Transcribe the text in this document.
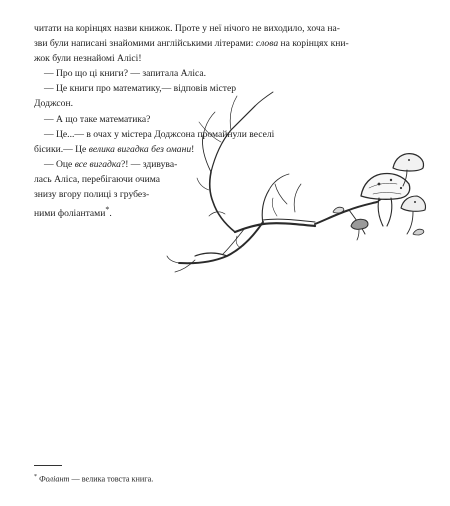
читати на корінцях назви книжок. Проте у неї нічого не виходило, хоча на-
зви були написані знайомими англійськими літерами: слова на корінцях кни-
жок були незнайомі Алісі!
— Про що ці книги? — запитала Аліса.
— Це книги про математику,— відповів містер
Доджсон.
— А що таке математика?
— Це...— в очах у містера Доджсона промайнули веселі
бісики.— Це велика вигадка без омани!
— Оце все вигадка?! — здивува-
лась Аліса, перебігаючи очима
знизу вгору полиці з грубез-
ними фоліантами*.
* Фоліант — велика товста книга.
